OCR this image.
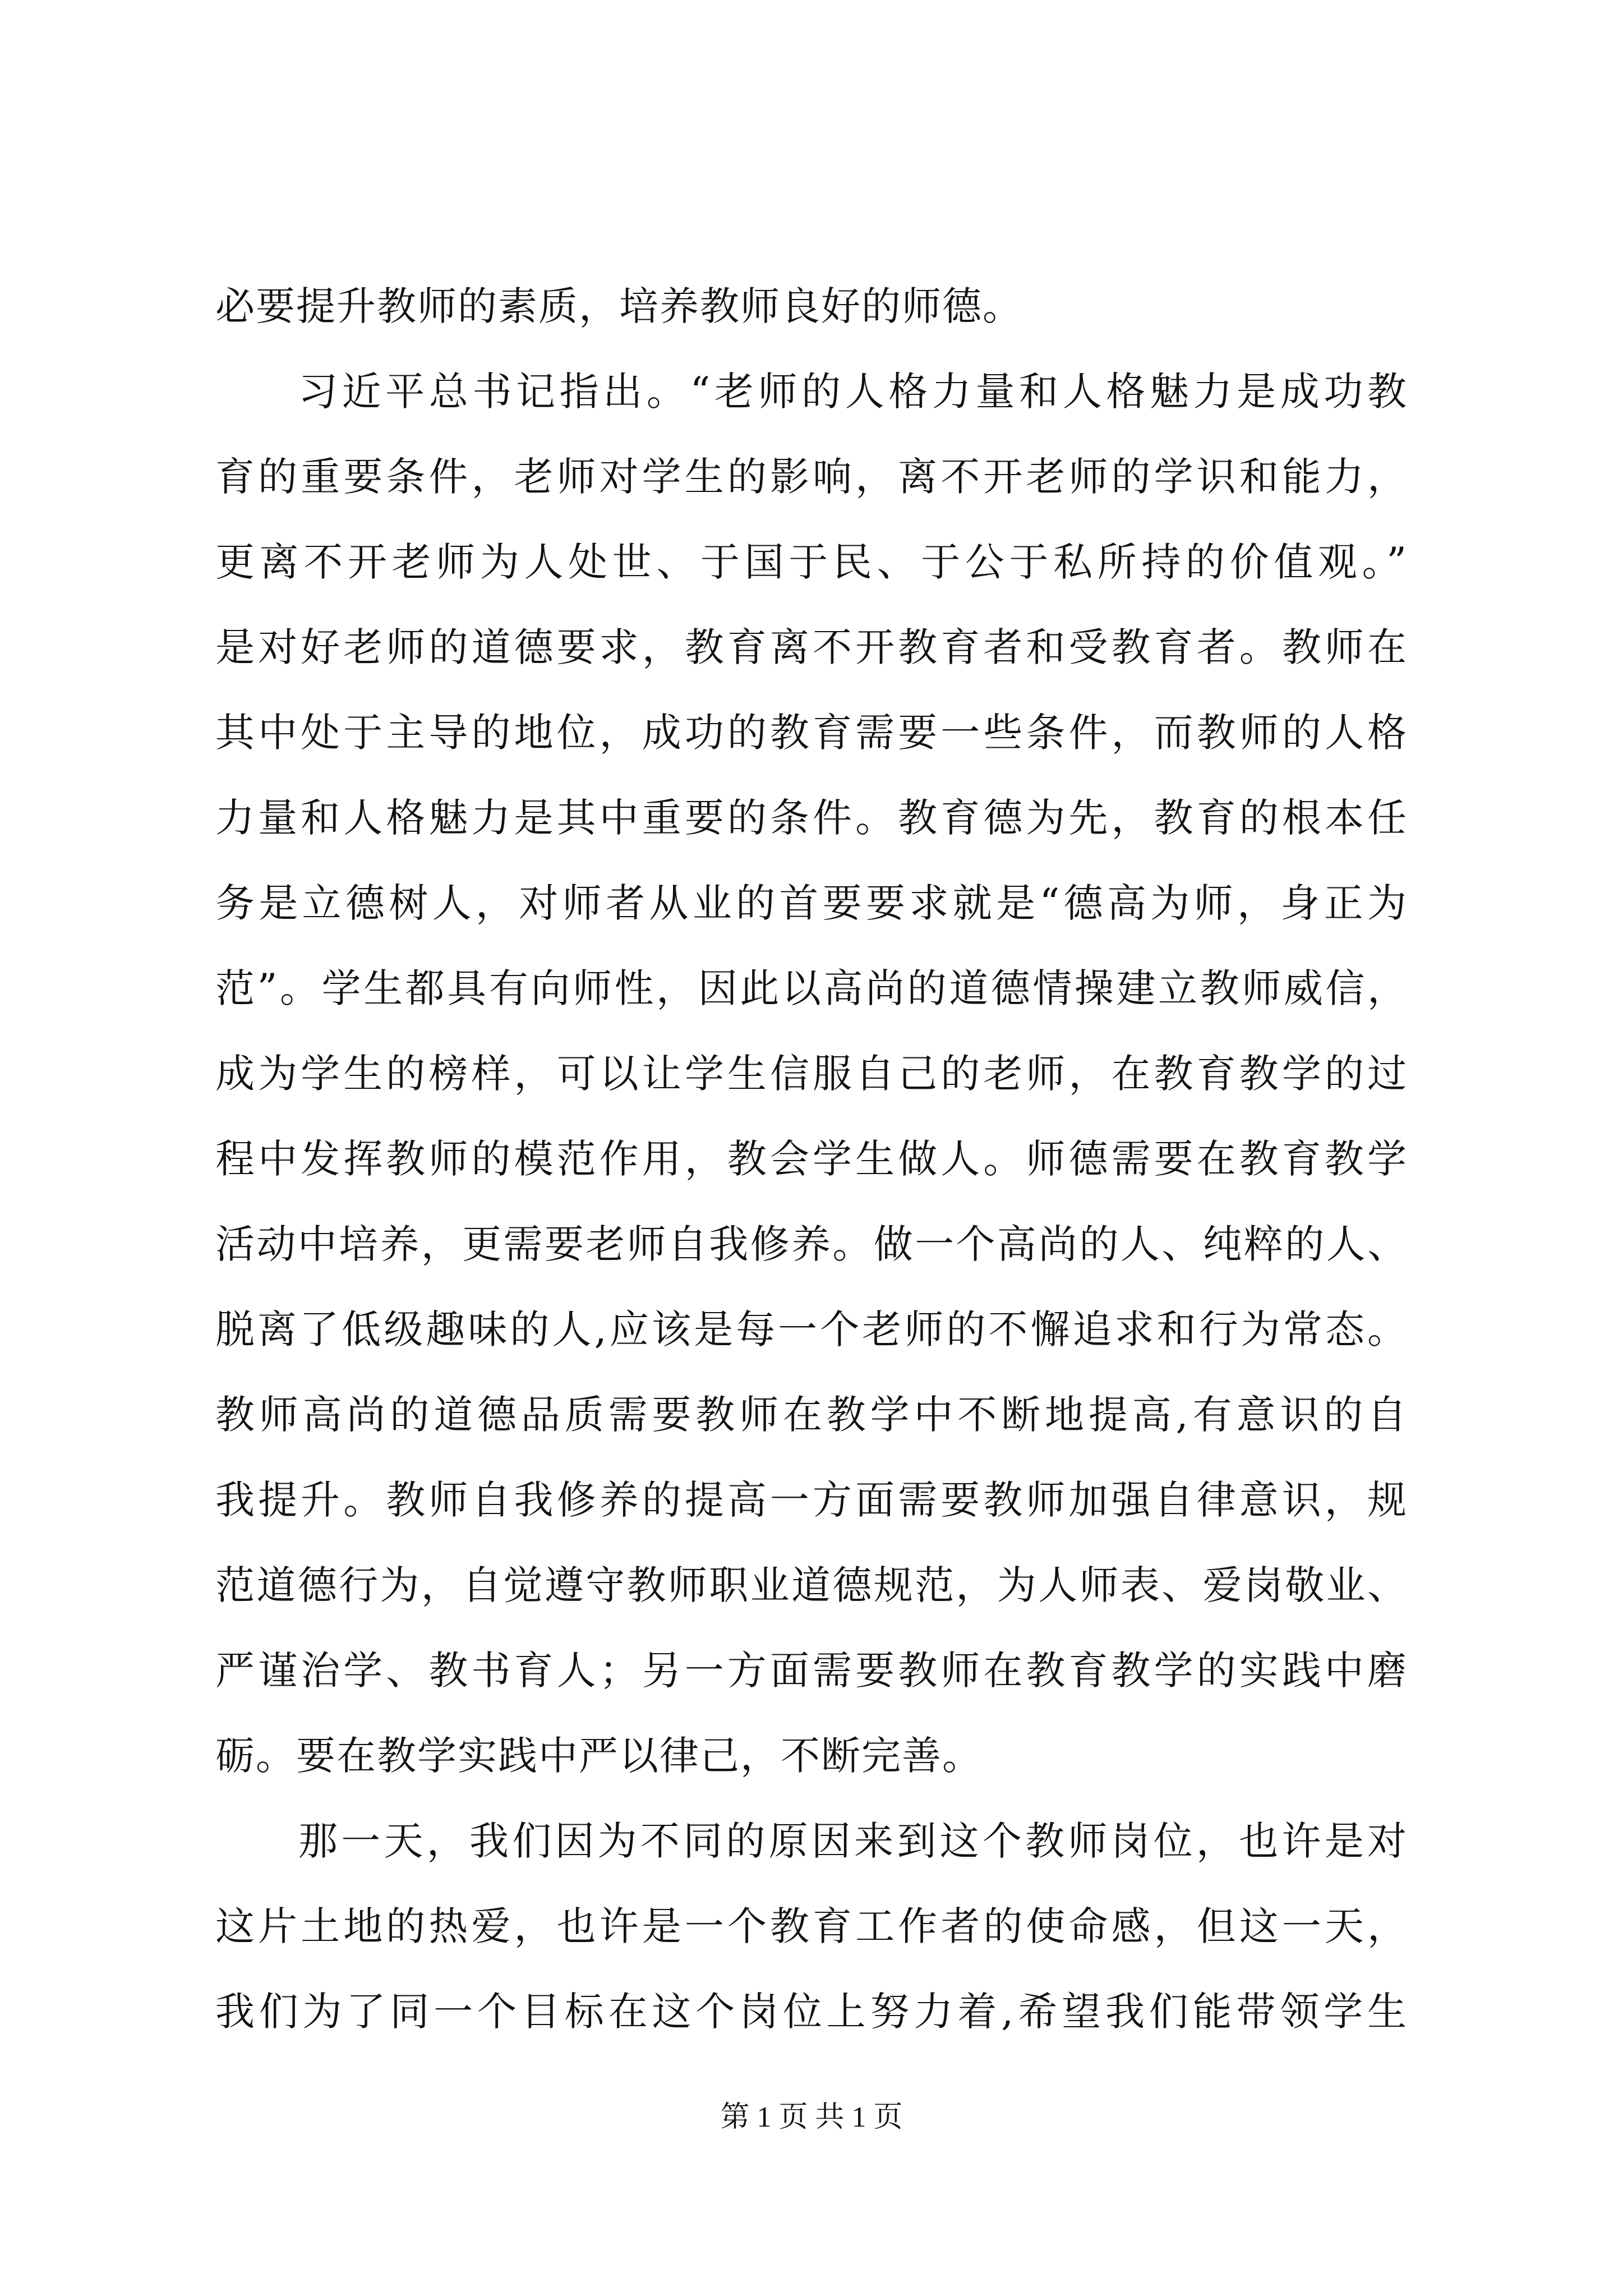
必要提升教师的素质，培养教师良好的师德。
习近平总书记指出。“老师的人格力量和人格魅力是成功教
育的重要条件，老师对学生的影响，离不开老师的学识和能力，
更离不开老师为人处世、于国于民、于公于私所持的价值观。”
是对好老师的道德要求，教育离不开教育者和受教育者。教师在
其中处于主导的地位，成功的教育需要一些条件，而教师的人格
力量和人格魅力是其中重要的条件。教育德为先，教育的根本任
务是立德树人，对师者从业的首要要求就是“德高为师，身正为
范”。学生都具有向师性，因此以高尚的道德情操建立教师威信，
成为学生的榜样，可以让学生信服自己的老师，在教育教学的过
程中发挥教师的模范作用，教会学生做人。师德需要在教育教学
活动中培养，更需要老师自我修养。做一个高尚的人、纯粹的人、
脱离了低级趣味的人,应该是每一个老师的不懈追求和行为常态。
教师高尚的道德品质需要教师在教学中不断地提高,有意识的自
我提升。教师自我修养的提高一方面需要教师加强自律意识，规
范道德行为，自觉遵守教师职业道德规范，为人师表、爱岗敬业、
严谨治学、教书育人；另一方面需要教师在教育教学的实践中磨
砺。要在教学实践中严以律己，不断完善。
那一天，我们因为不同的原因来到这个教师岗位，也许是对
这片土地的热爱，也许是一个教育工作者的使命感，但这一天，
我们为了同一个目标在这个岗位上努力着,希望我们能带领学生
第 1 页 共 1 页
